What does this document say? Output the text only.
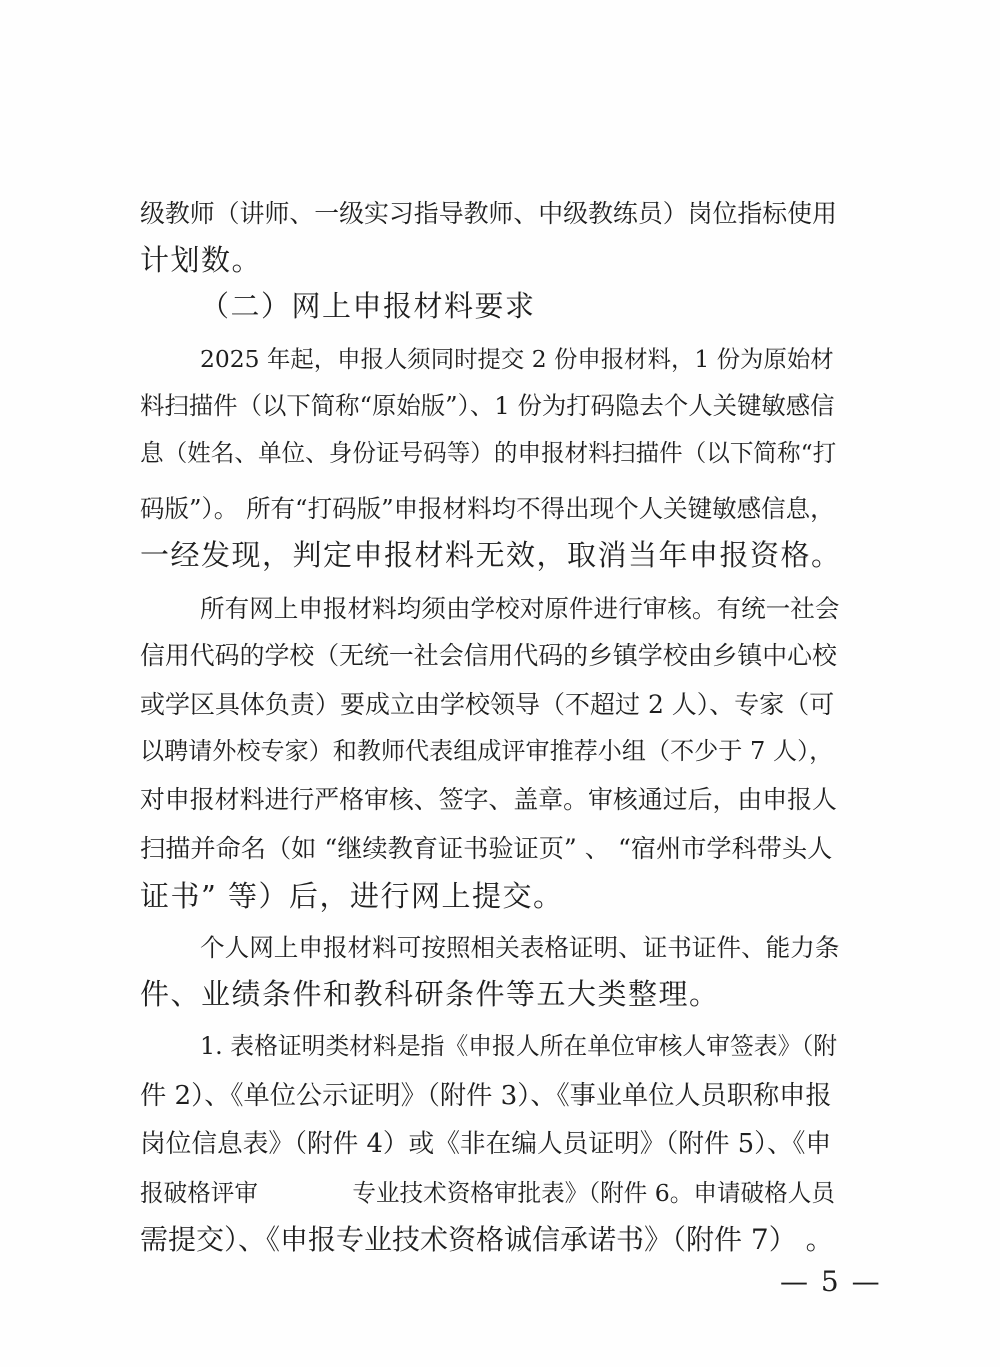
级教师（讲师、一级实习指导教师、中级教练员）岗位指标使用
计划数。
（二）网上申报材料要求
2025 年起，申报人须同时提交 2 份申报材料，1 份为原始材
料扫描件（以下简称“原始版”）、1 份为打码隐去个人关键敏感信
息（姓名、单位、身份证号码等）的申报材料扫描件（以下简称“打
码版”）。 所有“打码版”申报材料均不得出现个人关键敏感信息，
一经发现，判定申报材料无效，取消当年申报资格。
所有网上申报材料均须由学校对原件进行审核。有统一社会
信用代码的学校（无统一社会信用代码的乡镇学校由乡镇中心校
或学区具体负责）要成立由学校领导（不超过 2 人）、专家（可
以聘请外校专家）和教师代表组成评审推荐小组（不少于 7 人），
对申报材料进行严格审核、签字、盖章。审核通过后，由申报人
扫描并命名（如 “继续教育证书验证页” 、 “宿州市学科带头人
证书” 等）后，进行网上提交。
个人网上申报材料可按照相关表格证明、证书证件、能力条
件、业绩条件和教科研条件等五大类整理。
1. 表格证明类材料是指《申报人所在单位审核人审签表》（附
件 2）、《单位公示证明》（附件 3）、《事业单位人员职称申报
岗位信息表》（附件 4）或《非在编人员证明》（附件 5）、《申
报破格评审　　　　专业技术资格审批表》（附件 6。申请破格人员
需提交）、《申报专业技术资格诚信承诺书》（附件 7） 。
— 5 —
